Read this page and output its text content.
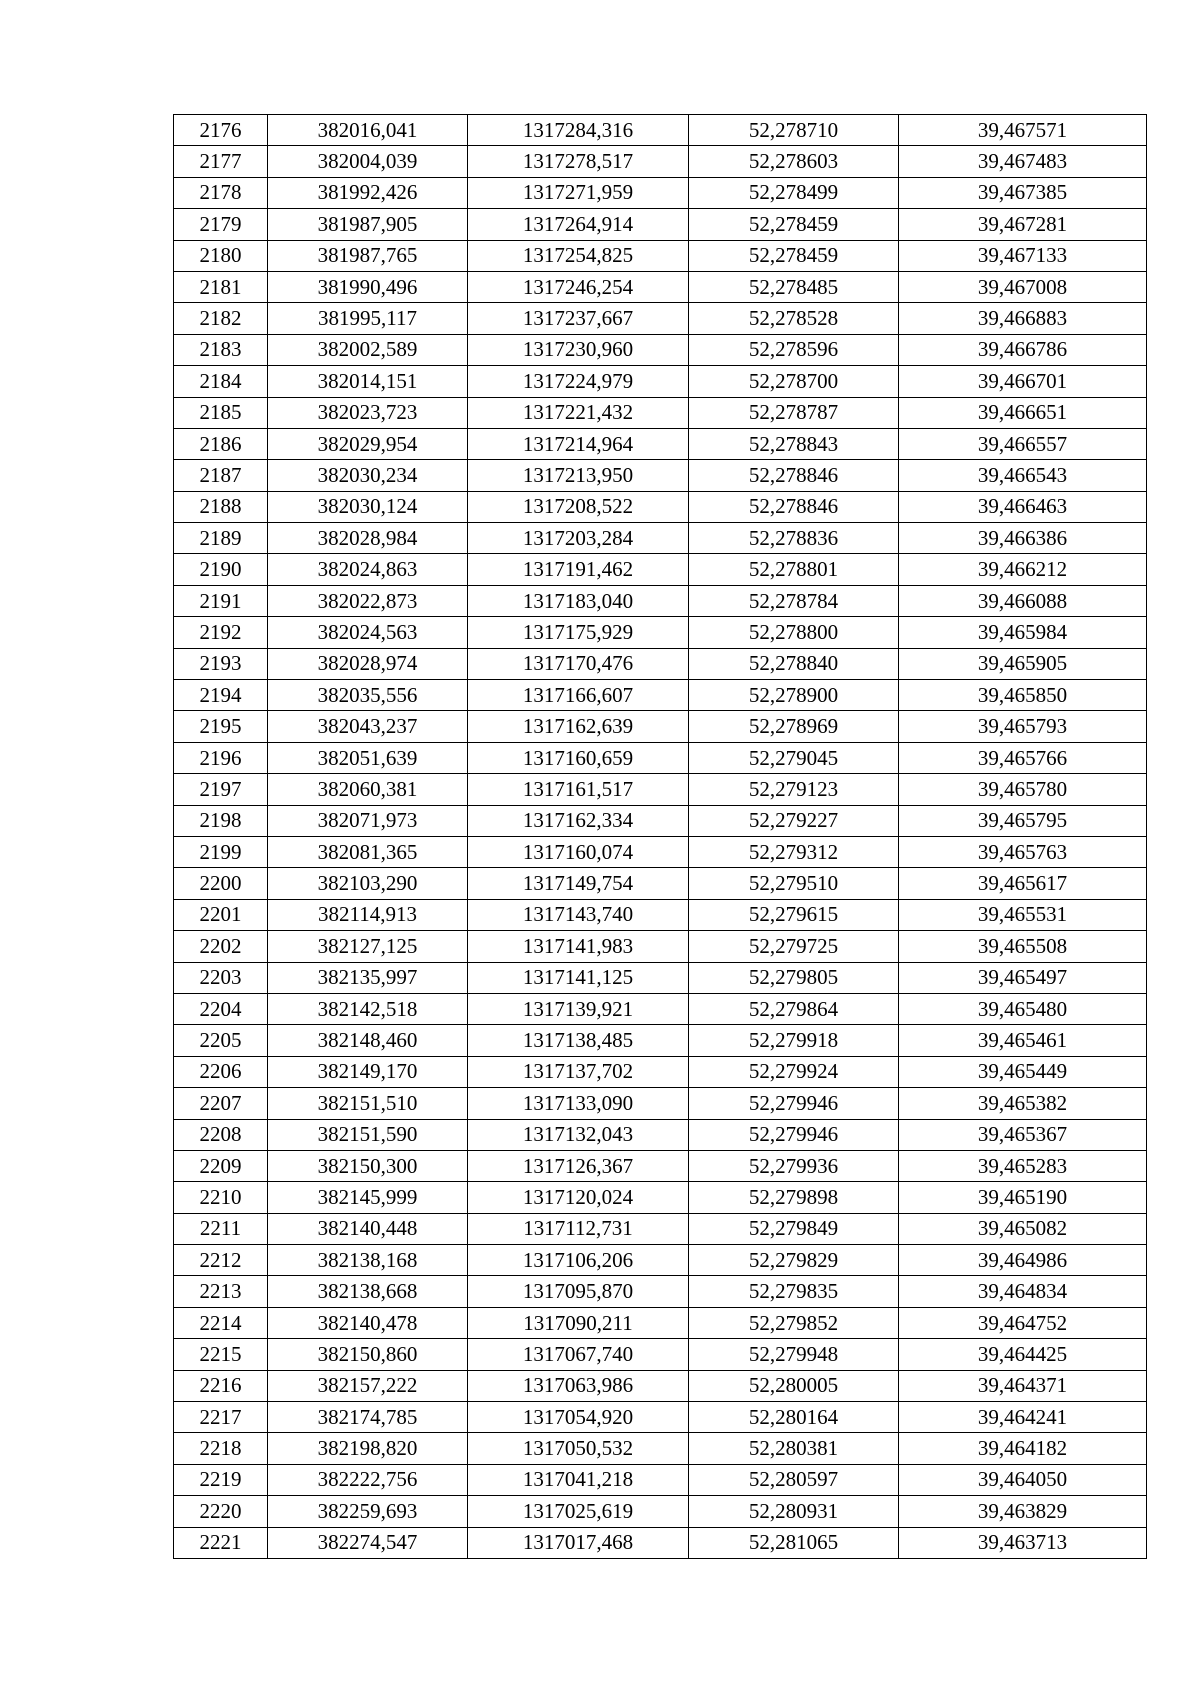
2176	382016,041	1317284,316	52,278710	39,467571
2177	382004,039	1317278,517	52,278603	39,467483
2178	381992,426	1317271,959	52,278499	39,467385
2179	381987,905	1317264,914	52,278459	39,467281
2180	381987,765	1317254,825	52,278459	39,467133
2181	381990,496	1317246,254	52,278485	39,467008
2182	381995,117	1317237,667	52,278528	39,466883
2183	382002,589	1317230,960	52,278596	39,466786
2184	382014,151	1317224,979	52,278700	39,466701
2185	382023,723	1317221,432	52,278787	39,466651
2186	382029,954	1317214,964	52,278843	39,466557
2187	382030,234	1317213,950	52,278846	39,466543
2188	382030,124	1317208,522	52,278846	39,466463
2189	382028,984	1317203,284	52,278836	39,466386
2190	382024,863	1317191,462	52,278801	39,466212
2191	382022,873	1317183,040	52,278784	39,466088
2192	382024,563	1317175,929	52,278800	39,465984
2193	382028,974	1317170,476	52,278840	39,465905
2194	382035,556	1317166,607	52,278900	39,465850
2195	382043,237	1317162,639	52,278969	39,465793
2196	382051,639	1317160,659	52,279045	39,465766
2197	382060,381	1317161,517	52,279123	39,465780
2198	382071,973	1317162,334	52,279227	39,465795
2199	382081,365	1317160,074	52,279312	39,465763
2200	382103,290	1317149,754	52,279510	39,465617
2201	382114,913	1317143,740	52,279615	39,465531
2202	382127,125	1317141,983	52,279725	39,465508
2203	382135,997	1317141,125	52,279805	39,465497
2204	382142,518	1317139,921	52,279864	39,465480
2205	382148,460	1317138,485	52,279918	39,465461
2206	382149,170	1317137,702	52,279924	39,465449
2207	382151,510	1317133,090	52,279946	39,465382
2208	382151,590	1317132,043	52,279946	39,465367
2209	382150,300	1317126,367	52,279936	39,465283
2210	382145,999	1317120,024	52,279898	39,465190
2211	382140,448	1317112,731	52,279849	39,465082
2212	382138,168	1317106,206	52,279829	39,464986
2213	382138,668	1317095,870	52,279835	39,464834
2214	382140,478	1317090,211	52,279852	39,464752
2215	382150,860	1317067,740	52,279948	39,464425
2216	382157,222	1317063,986	52,280005	39,464371
2217	382174,785	1317054,920	52,280164	39,464241
2218	382198,820	1317050,532	52,280381	39,464182
2219	382222,756	1317041,218	52,280597	39,464050
2220	382259,693	1317025,619	52,280931	39,463829
2221	382274,547	1317017,468	52,281065	39,463713
